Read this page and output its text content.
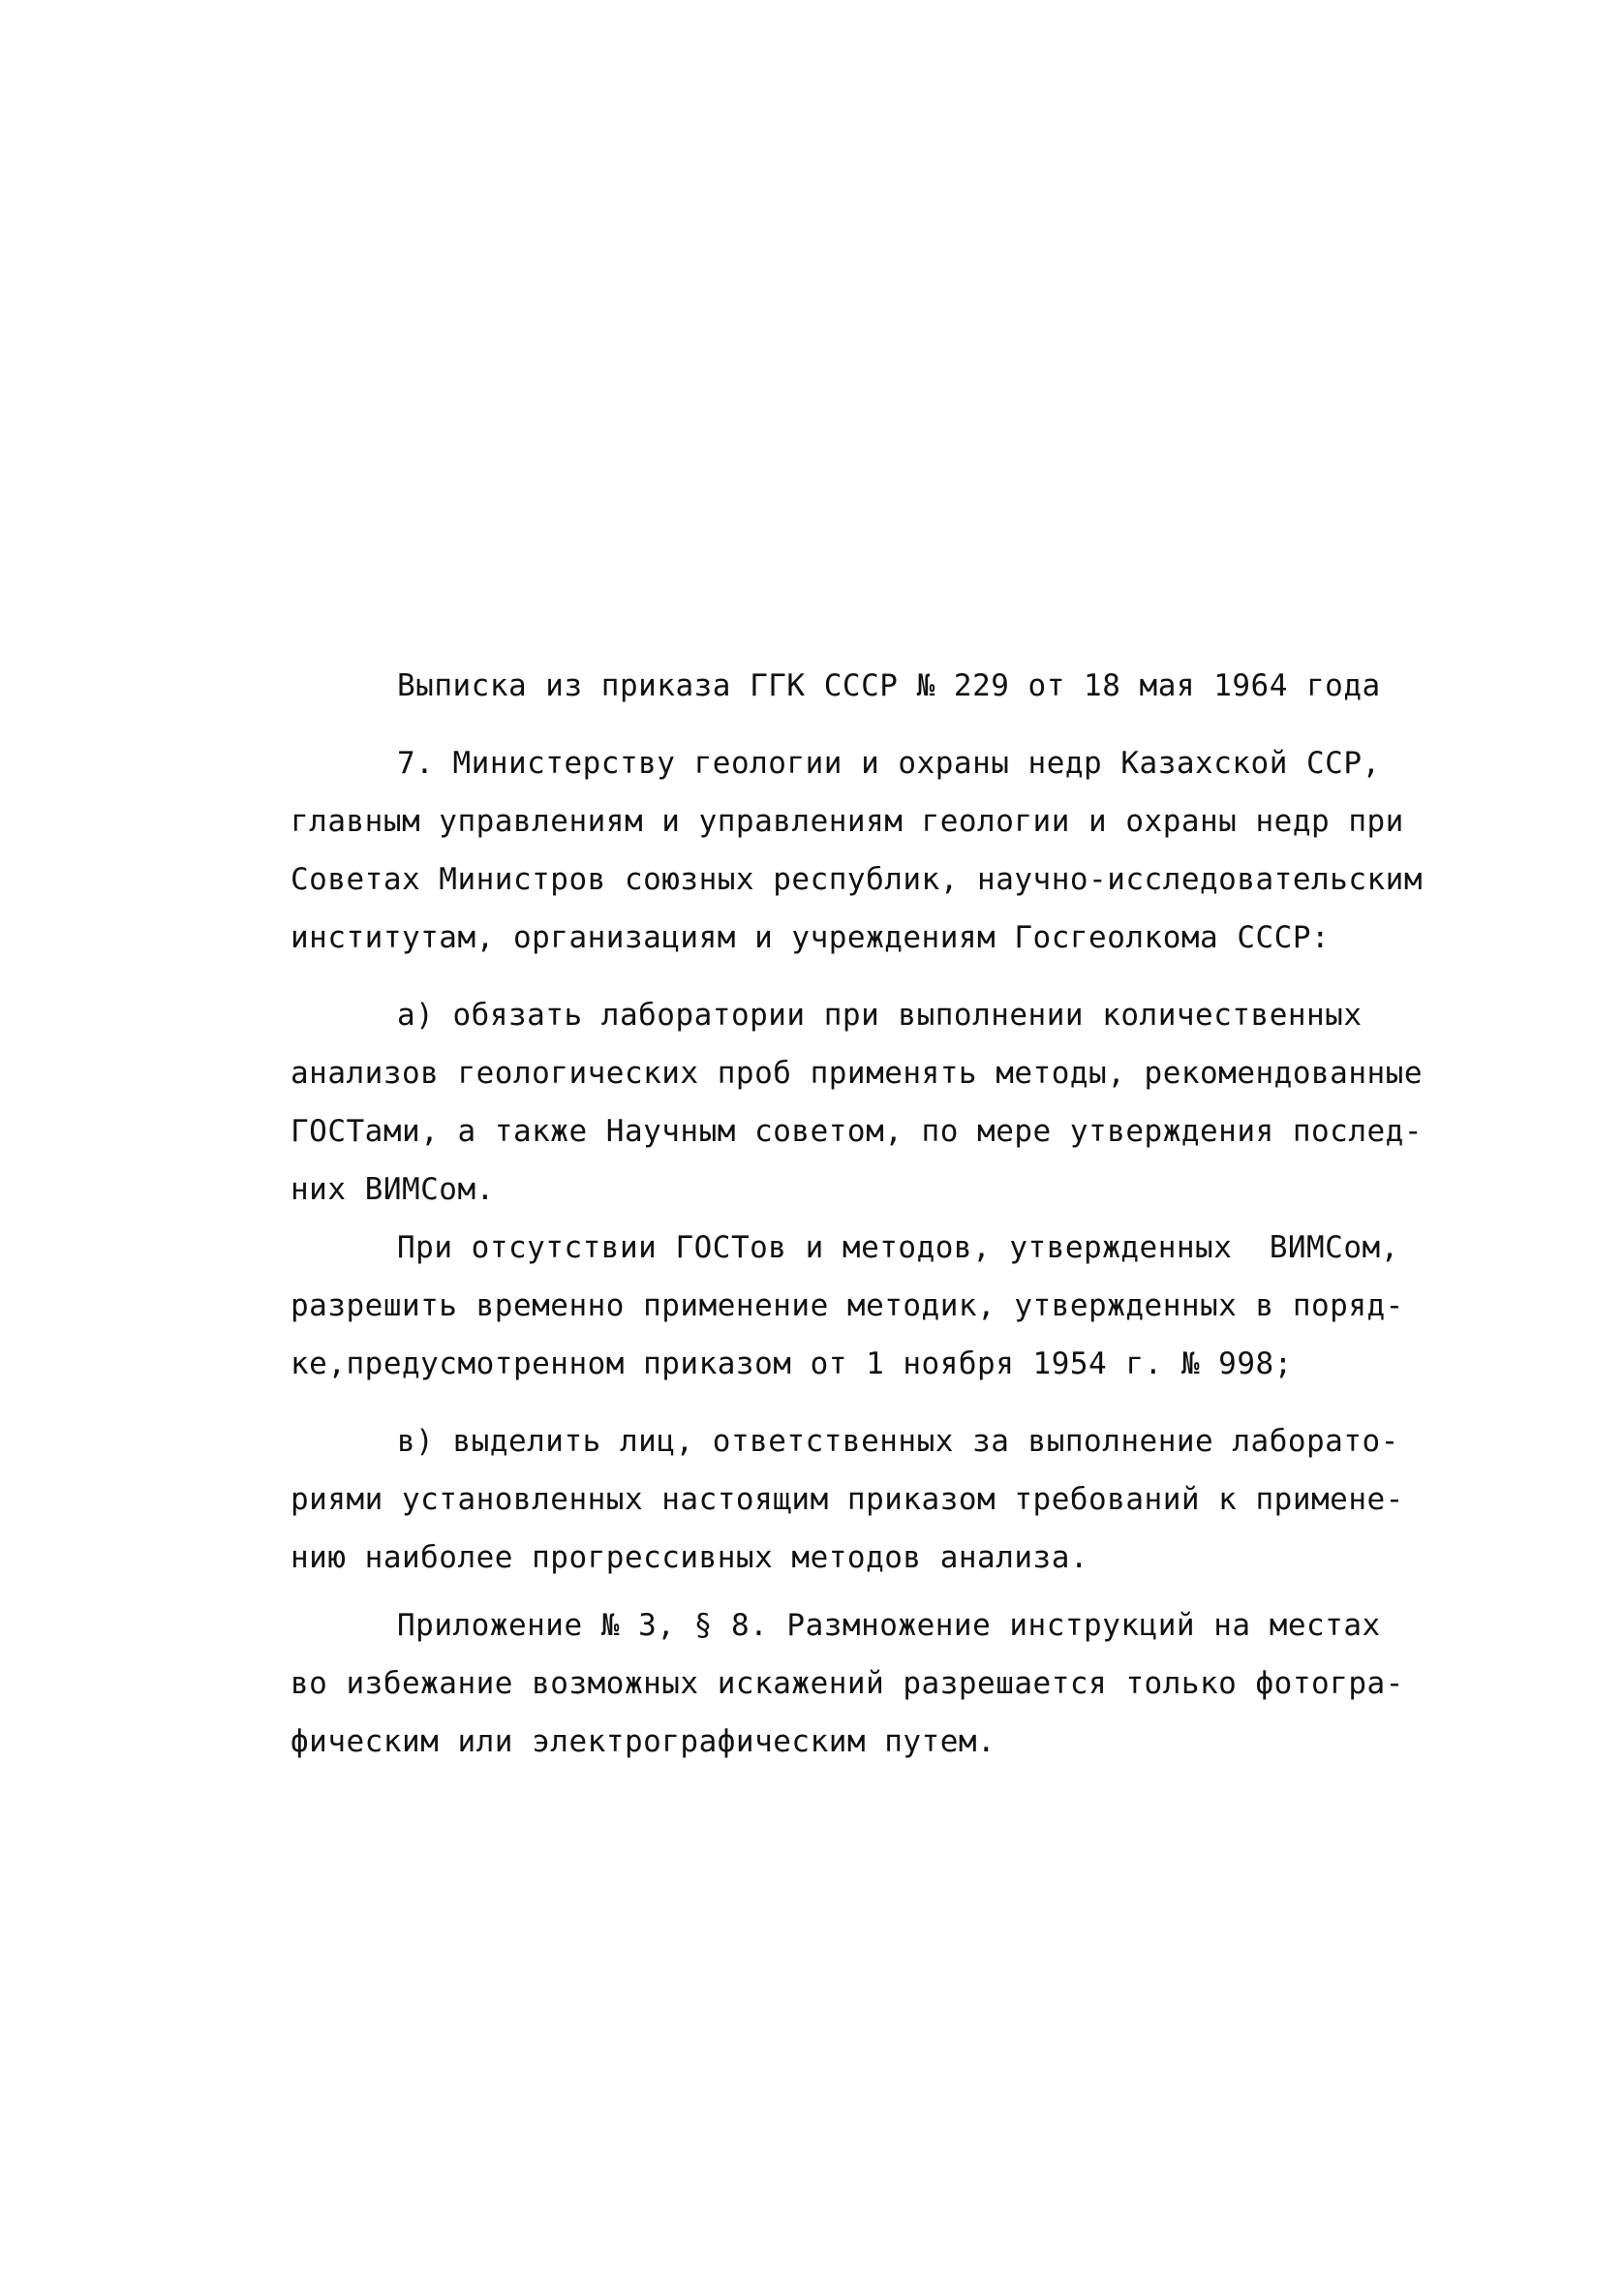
Выписка из приказа ГГК СССР № 229 от 18 мая 1964 года

7. Министерству геологии и охраны недр Казахской ССР,

главным управлениям и управлениям геологии и охраны недр при

Советах Министров союзных республик, научно-исследовательским

институтам, организациям и учреждениям Госгеолкома СССР:

а) обязать лаборатории при выполнении количественных

анализов геологических проб применять методы, рекомендованные

ГОСТами, а также Научным советом, по мере утверждения послед-

них ВИМСом.

При отсутствии ГОСТов и методов, утвержденных  ВИМСом,

разрешить временно применение методик, утвержденных в поряд-

ке,предусмотренном приказом от 1 ноября 1954 г. № 998;

в) выделить лиц, ответственных за выполнение лаборато-

риями установленных настоящим приказом требований к примене-

нию наиболее прогрессивных методов анализа.

Приложение № 3, § 8. Размножение инструкций на местах

во избежание возможных искажений разрешается только фотогра-

фическим или электрографическим путем.
